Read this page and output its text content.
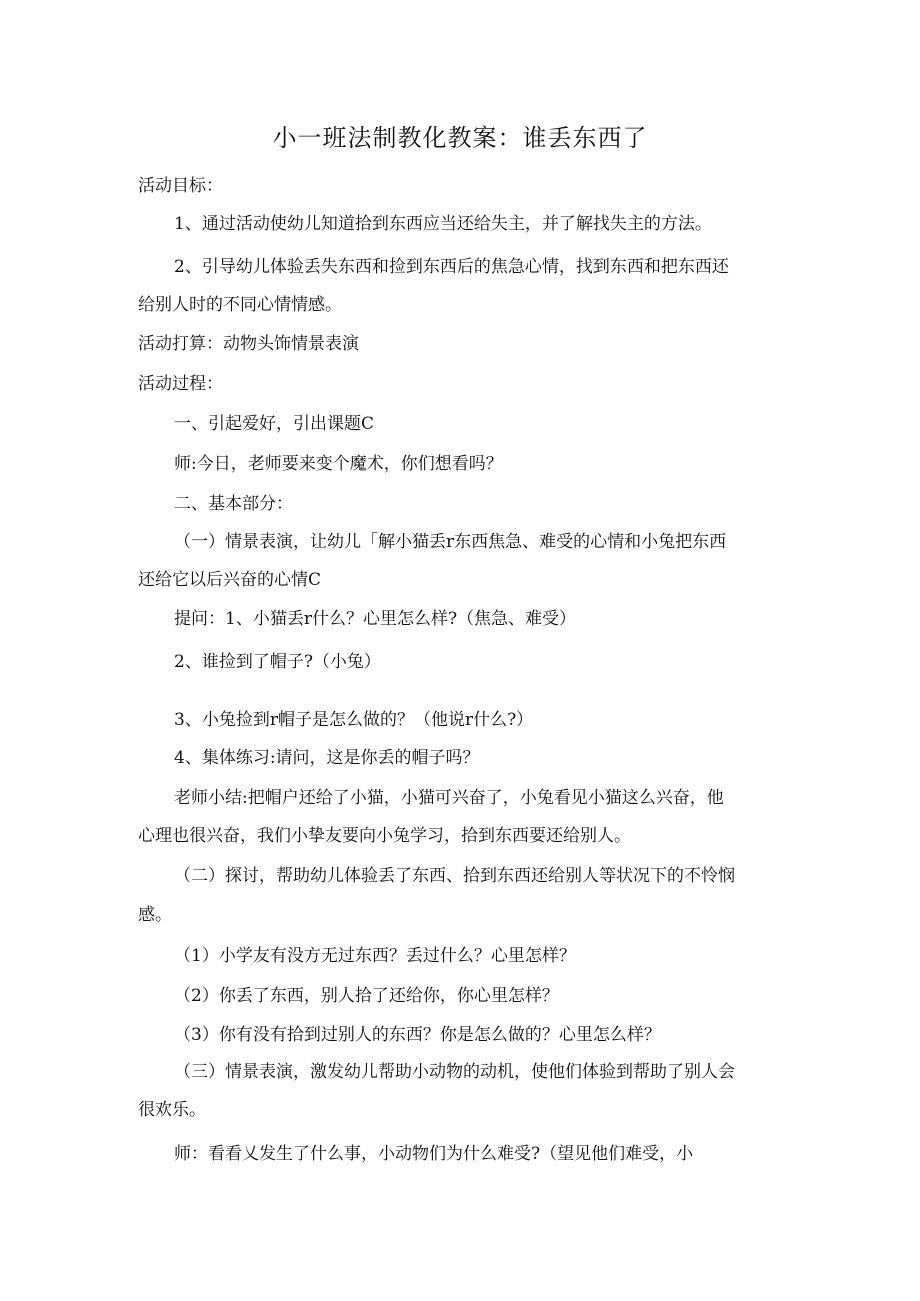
小一班法制教化教案：谁丢东西了
活动目标：
1、通过活动使幼儿知道拾到东西应当还给失主，并了解找失主的方法。
2、引导幼儿体验丢失东西和捡到东西后的焦急心情，找到东西和把东西还
给别人时的不同心情情感。
活动打算：动物头饰情景表演
活动过程：
一、引起爱好，引出课题C
师:今日，老师要来变个魔术，你们想看吗？
二、基本部分：
（一）情景表演，让幼儿「解小猫丢r东西焦急、难受的心情和小兔把东西
还给它以后兴奋的心情C
提问：1、小猫丢r什么？心里怎么样?（焦急、难受）
2、谁捡到了帽子?（小兔）
3、小兔捡到r帽子是怎么做的？（他说r什么?）
4、集体练习:请问，这是你丢的帽子吗？
老师小结:把帽户还给了小猫，小猫可兴奋了，小兔看见小猫这么兴奋，他
心理也很兴奋，我们小挚友要向小兔学习，拾到东西要还给别人。
（二）探讨，帮助幼儿体验丢了东西、拾到东西还给别人等状况下的不怜悯
感。
（1）小学友有没方无过东西？丢过什么？心里怎样？
（2）你丢了东西，别人拾了还给你，你心里怎样？
（3）你有没有拾到过别人的东西？你是怎么做的？心里怎么样？
（三）情景表演，激发幼儿帮助小动物的动机，使他们体验到帮助了别人会
很欢乐。
师：看看乂发生了什么事，小动物们为什么难受?（望见他们难受，小
